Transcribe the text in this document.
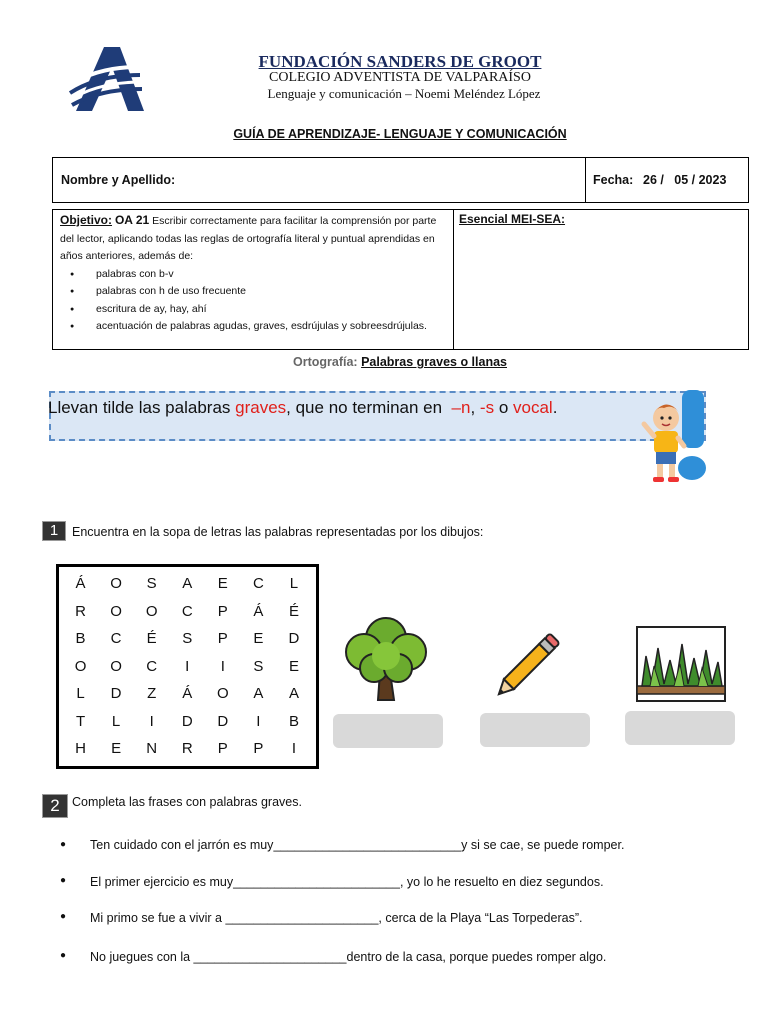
FUNDACIÓN SANDERS DE GROOT
COLEGIO ADVENTISTA DE VALPARAÍSO
Lenguaje y comunicación – Noemi Meléndez López
GUÍA DE APRENDIZAJE- LENGUAJE Y COMUNICACIÓN
Nombre y Apellido:	Fecha: 26 /   05 / 2023
Objetivo: OA 21 Escribir correctamente para facilitar la comprensión por parte del lector, aplicando todas las reglas de ortografía literal y puntual aprendidas en años anteriores, además de:
● palabras con b-v
● palabras con h de uso frecuente
● escritura de ay, hay, ahí
● acentuación de palabras agudas, graves, esdrújulas y sobreesdrújulas.
Esencial MEI-SEA:
Ortografía: Palabras graves o llanas
Llevan tilde las palabras graves, que no terminan en  –n, -s o vocal.
1	Encuentra en la sopa de letras las palabras representadas por los dibujos:
Á	O	S	A	E	C	L
R	O	O	C	P	Á	É
B	C	É	S	P	E	D
O	O	C	I	I	S	E
L	D	Z	Á	O	A	A
T	L	I	D	D	I	B
H	E	N	R	P	P	I
2 Completa las frases con palabras graves.
● Ten cuidado con el jarrón es muy___________________________y si se cae, se puede romper.
● El primer ejercicio es muy________________________, yo lo he resuelto en diez segundos.
● Mi primo se fue a vivir a ______________________, cerca de la Playa “Las Torpederas”.
● No juegues con la ______________________dentro de la casa, porque puedes romper algo.
